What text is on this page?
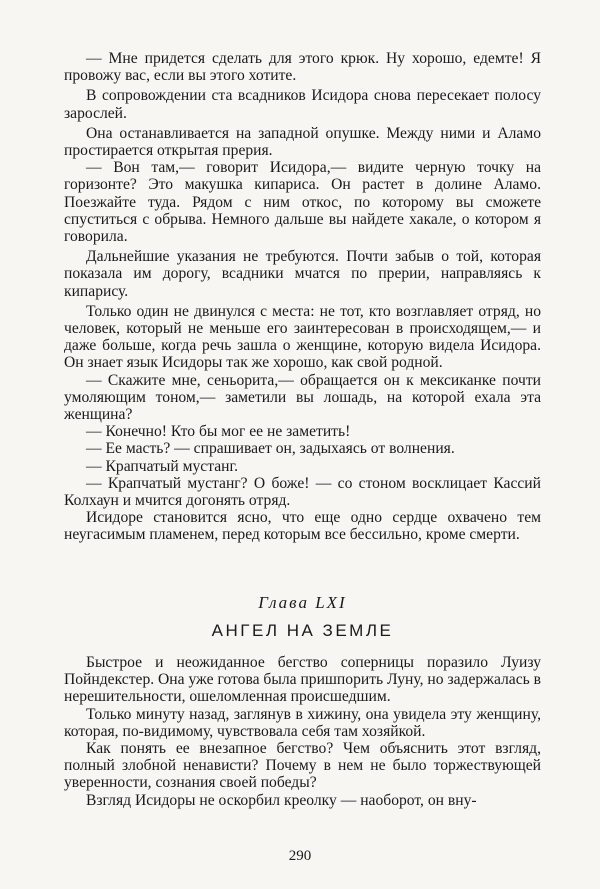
— Мне придется сделать для этого крюк. Ну хорошо, едемте! Я провожу вас, если вы этого хотите.

В сопровождении ста всадников Исидора снова пересекает полосу зарослей.

Она останавливается на западной опушке. Между ними и Аламо простирается открытая прерия.

— Вон там,— говорит Исидора,— видите черную точку на горизонте? Это макушка кипариса. Он растет в долине Аламо. Поезжайте туда. Рядом с ним откос, по которому вы сможете спуститься с обрыва. Немного дальше вы найдете хакале, о котором я говорила.

Дальнейшие указания не требуются. Почти забыв о той, которая показала им дорогу, всадники мчатся по прерии, направляясь к кипарису.

Только один не двинулся с места: не тот, кто возглавляет отряд, но человек, который не меньше его заинтересован в происходящем,— и даже больше, когда речь зашла о женщине, которую видела Исидора. Он знает язык Исидоры так же хорошо, как свой родной.

— Скажите мне, сеньорита,— обращается он к мексиканке почти умоляющим тоном,— заметили вы лошадь, на которой ехала эта женщина?

— Конечно! Кто бы мог ее не заметить!

— Ее масть? — спрашивает он, задыхаясь от волнения.

— Крапчатый мустанг.

— Крапчатый мустанг? О боже! — со стоном восклицает Кассий Колхаун и мчится догонять отряд.

Исидоре становится ясно, что еще одно сердце охвачено тем неугасимым пламенем, перед которым все бессильно, кроме смерти.

Глава LXI

АНГЕЛ НА ЗЕМЛЕ

Быстрое и неожиданное бегство соперницы поразило Луизу Пойндекстер. Она уже готова была пришпорить Луну, но задержалась в нерешительности, ошеломленная происшедшим.

Только минуту назад, заглянув в хижину, она увидела эту женщину, которая, по-видимому, чувствовала себя там хозяйкой.

Как понять ее внезапное бегство? Чем объяснить этот взгляд, полный злобной ненависти? Почему в нем не было торжествующей уверенности, сознания своей победы?

Взгляд Исидоры не оскорбил креолку — наоборот, он вну-

290
